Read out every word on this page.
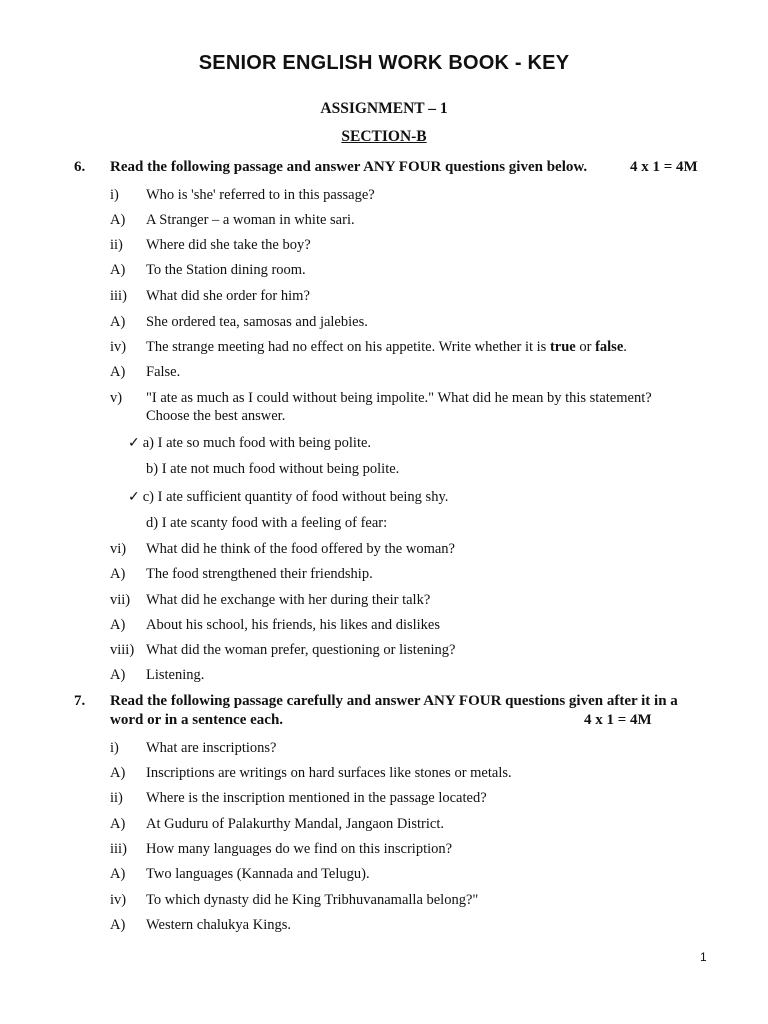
SENIOR ENGLISH WORK BOOK - KEY
ASSIGNMENT – 1
SECTION-B
6. Read the following passage and answer ANY FOUR questions given below.	4 x 1 = 4M
i) Who is 'she' referred to in this passage?
A) A Stranger – a woman in white sari.
ii) Where did she take the boy?
A) To the Station dining room.
iii) What did she order for him?
A) She ordered tea, samosas and jalebies.
iv) The strange meeting had no effect on his appetite. Write whether it is true or false.
A) False.
v) "I ate as much as I could without being impolite." What did he mean by this statement?
Choose the best answer.
✓ a) I ate so much food with being polite.
b) I ate not much food without being polite.
✓ c) I ate sufficient quantity of food without being shy.
d) I ate scanty food with a feeling of fear:
vi) What did he think of the food offered by the woman?
A) The food strengthened their friendship.
vii) What did he exchange with her during their talk?
A) About his school, his friends, his likes and dislikes
viii) What did the woman prefer, questioning or listening?
A) Listening.
7. Read the following passage carefully and answer ANY FOUR questions given after it in a
word or in a sentence each.	4 x 1 = 4M
i) What are inscriptions?
A) Inscriptions are writings on hard surfaces like stones or metals.
ii) Where is the inscription mentioned in the passage located?
A) At Guduru of Palakurthy Mandal, Jangaon District.
iii) How many languages do we find on this inscription?
A) Two languages (Kannada and Telugu).
iv) To which dynasty did he King Tribhuvanamalla belong?"
A) Western chalukya Kings.
1
